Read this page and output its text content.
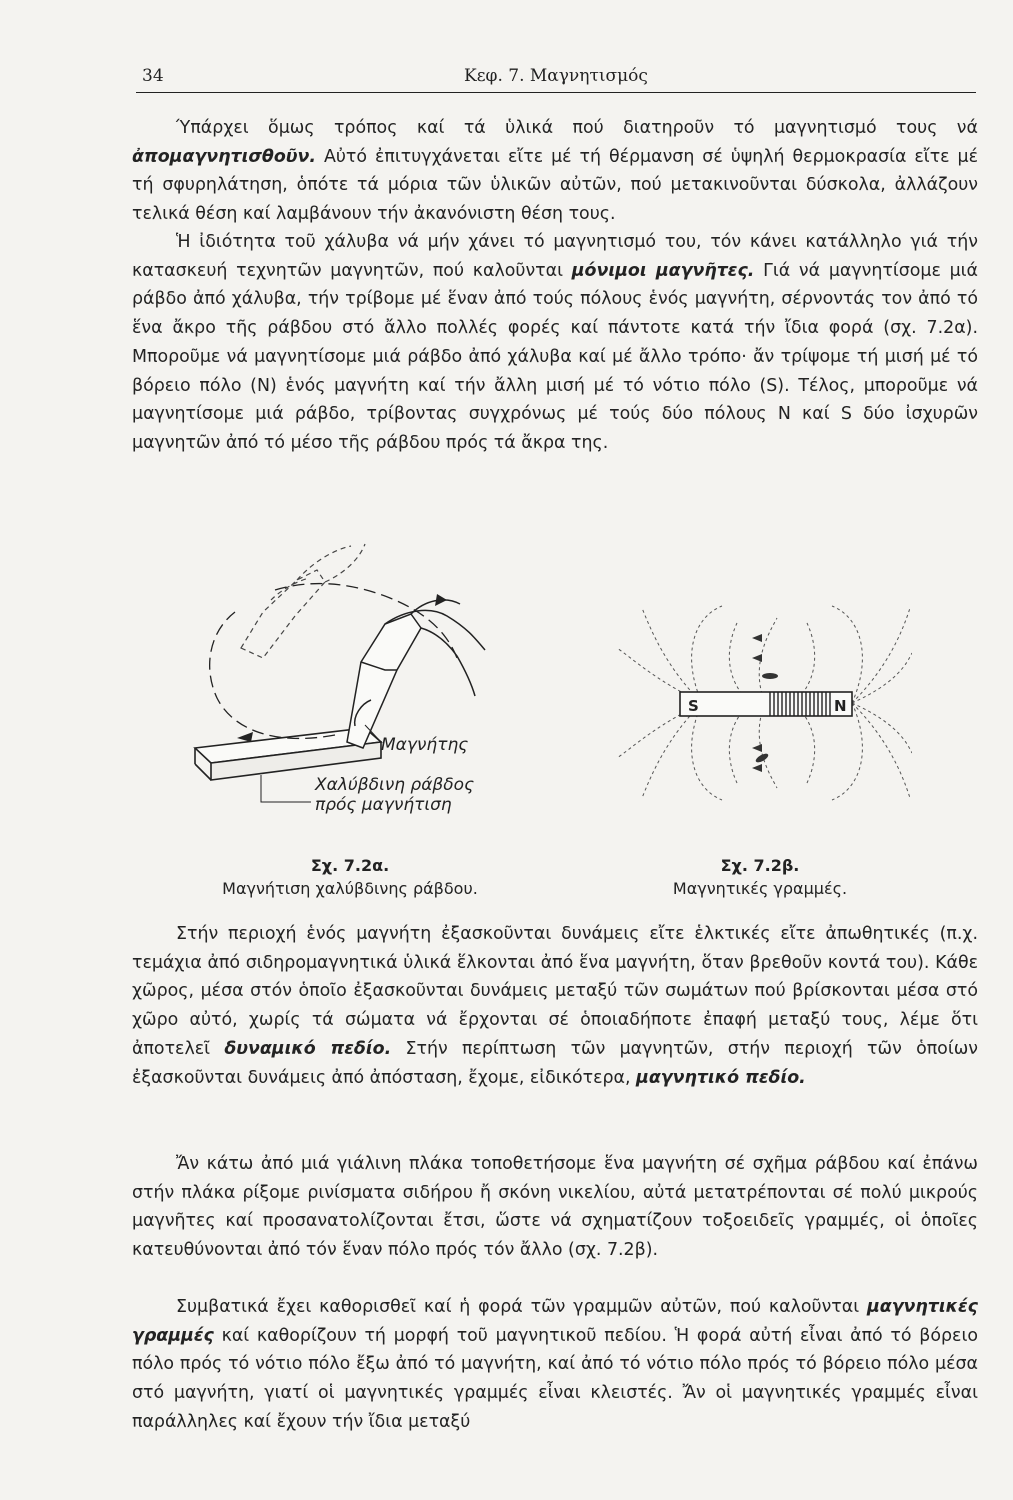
34	Κεφ. 7. Μαγνητισμός

Ύπάρχει ὅμως τρόπος καί τά ὑλικά πού διατηροῦν τό μαγνητισμό τους νά ἀπομαγνητισθοῦν. Αὐτό ἐπιτυγχάνεται εἴτε μέ τή θέρμανση σέ ὑψηλή θερμοκρασία εἴτε μέ τή σφυρηλάτηση, ὁπότε τά μόρια τῶν ὑλικῶν αὐτῶν, πού μετακινοῦνται δύσκολα, ἀλλάζουν τελικά θέση καί λαμβάνουν τήν ἀκανόνιστη θέση τους.

Ἡ ἰδιότητα τοῦ χάλυβα νά μήν χάνει τό μαγνητισμό του, τόν κάνει κατάλληλο γιά τήν κατασκευή τεχνητῶν μαγνητῶν, πού καλοῦνται μόνιμοι μαγνῆτες. Γιά νά μαγνητίσομε μιά ράβδο ἀπό χάλυβα, τήν τρίβομε μέ ἕναν ἀπό τούς πόλους ἑνός μαγνήτη, σέρνοντάς τον ἀπό τό ἕνα ἄκρο τῆς ράβδου στό ἄλλο πολλές φορές καί πάντοτε κατά τήν ἴδια φορά (σχ. 7.2α). Μποροῦμε νά μαγνητίσομε μιά ράβδο ἀπό χάλυβα καί μέ ἄλλο τρόπο· ἄν τρίψομε τή μισή μέ τό βόρειο πόλο (N) ἑνός μαγνήτη καί τήν ἄλλη μισή μέ τό νότιο πόλο (S). Τέλος, μποροῦμε νά μαγνητίσομε μιά ράβδο, τρίβοντας συγχρόνως μέ τούς δύο πόλους N καί S δύο ἰσχυρῶν μαγνητῶν ἀπό τό μέσο τῆς ράβδου πρός τά ἄκρα της.

Μαγνήτης
Χαλύβδινη ράβδος
πρός μαγνήτιση
Σχ. 7.2α.
Μαγνήτιση χαλύβδινης ράβδου.
S	N
Σχ. 7.2β.
Μαγνητικές γραμμές.

Στήν περιοχή ἑνός μαγνήτη ἐξασκοῦνται δυνάμεις εἴτε ἑλκτικές εἴτε ἀπωθητικές (π.χ. τεμάχια ἀπό σιδηρομαγνητικά ὑλικά ἕλκονται ἀπό ἕνα μαγνήτη, ὅταν βρεθοῦν κοντά του). Κάθε χῶρος, μέσα στόν ὁποῖο ἐξασκοῦνται δυνάμεις μεταξύ τῶν σωμάτων πού βρίσκονται μέσα στό χῶρο αὐτό, χωρίς τά σώματα νά ἔρχονται σέ ὁποιαδήποτε ἐπαφή μεταξύ τους, λέμε ὅτι ἀποτελεῖ δυναμικό πεδίο. Στήν περίπτωση τῶν μαγνητῶν, στήν περιοχή τῶν ὁποίων ἐξασκοῦνται δυνάμεις ἀπό ἀπόσταση, ἔχομε, εἰδικότερα, μαγνητικό πεδίο.

Ἄν κάτω ἀπό μιά γιάλινη πλάκα τοποθετήσομε ἕνα μαγνήτη σέ σχῆμα ράβδου καί ἐπάνω στήν πλάκα ρίξομε ρινίσματα σιδήρου ἤ σκόνη νικελίου, αὐτά μετατρέπονται σέ πολύ μικρούς μαγνῆτες καί προσανατολίζονται ἔτσι, ὥστε νά σχηματίζουν τοξοειδεῖς γραμμές, οἱ ὁποῖες κατευθύνονται ἀπό τόν ἕναν πόλο πρός τόν ἄλλο (σχ. 7.2β).

Συμβατικά ἔχει καθορισθεῖ καί ἡ φορά τῶν γραμμῶν αὐτῶν, πού καλοῦνται μαγνητικές γραμμές καί καθορίζουν τή μορφή τοῦ μαγνητικοῦ πεδίου. Ἡ φορά αὐτή εἶναι ἀπό τό βόρειο πόλο πρός τό νότιο πόλο ἔξω ἀπό τό μαγνήτη, καί ἀπό τό νότιο πόλο πρός τό βόρειο πόλο μέσα στό μαγνήτη, γιατί οἱ μαγνητικές γραμμές εἶναι κλειστές. Ἄν οἱ μαγνητικές γραμμές εἶναι παράλληλες καί ἔχουν τήν ἴδια μεταξύ
